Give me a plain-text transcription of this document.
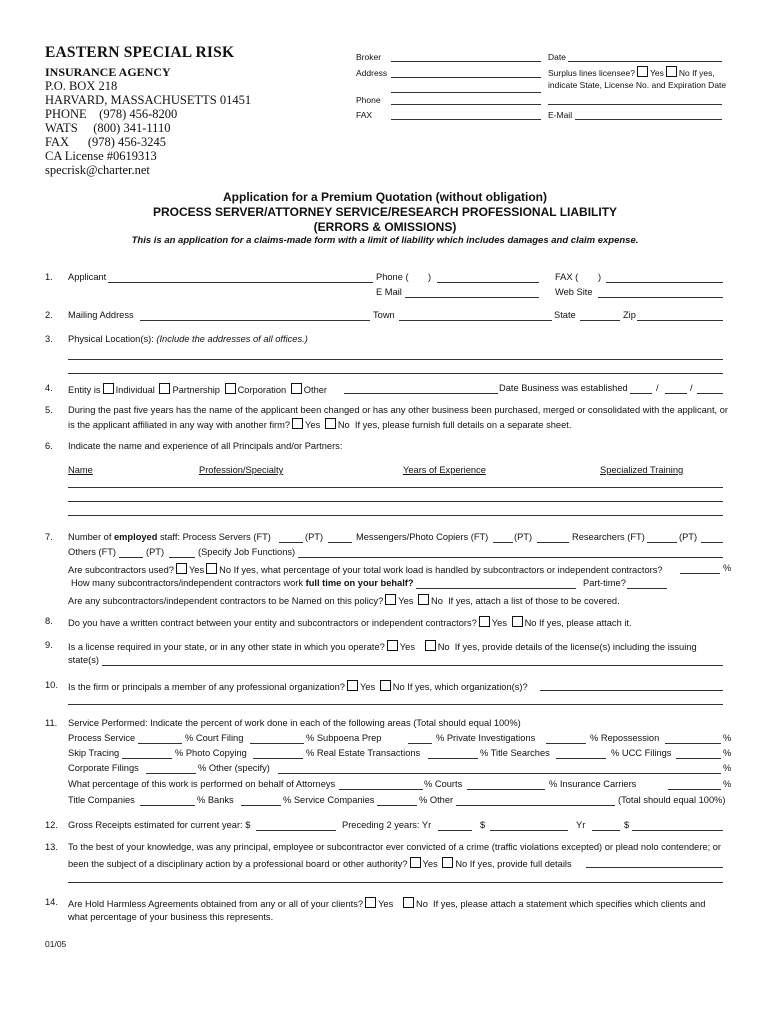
EASTERN SPECIAL RISK
INSURANCE AGENCY
P.O. BOX 218
HARVARD, MASSACHUSETTS 01451
PHONE    (978) 456-8200
WATS     (800) 341-1110
FAX      (978) 456-3245
CA License #0619313
specrisk@charter.net
Broker
Address
Phone
FAX
Date
Surplus lines licensee? Yes No If yes,
indicate State, License No. and Expiration Date
E-Mail
Application for a Premium Quotation (without obligation)
PROCESS SERVER/ATTORNEY SERVICE/RESEARCH PROFESSIONAL LIABILITY
(ERRORS & OMISSIONS)
This is an application for a claims-made form with a limit of liability which includes damages and claim expense.
1. Applicant	Phone ( )
E Mail
FAX ( )
Web Site
2. Mailing Address	Town	State	Zip
3. Physical Location(s): (Include the addresses of all offices.)
4. Entity is Individual Partnership Corporation Other	Date Business was established	/	/
5. During the past five years has the name of the applicant been changed or has any other business been purchased, merged or consolidated with the applicant, or
is the applicant affiliated in any way with another firm? Yes No If yes, please furnish full details on a separate sheet.
6. Indicate the name and experience of all Principals and/or Partners:
Name	Profession/Specialty	Years of Experience	Specialized Training
7. Number of employed staff: Process Servers (FT)	(PT)	Messengers/Photo Copiers (FT)	(PT)	Researchers (FT)	(PT)
Others (FT)	(PT)	(Specify Job Functions)
Are subcontractors used? Yes No If yes, what percentage of your total work load is handled by subcontractors or independent contractors?	%
How many subcontractors/independent contractors work full time on your behalf?	Part-time?
Are any subcontractors/independent contractors to be Named on this policy? Yes No If yes, attach a list of those to be covered.
8. Do you have a written contract between your entity and subcontractors or independent contractors? Yes No If yes, please attach it.
9. Is a license required in your state, or in any other state in which you operate? Yes No If yes, provide details of the license(s) including the issuing
state(s)
10. Is the firm or principals a member of any professional organization? Yes No If yes, which organization(s)?
11. Service Performed: Indicate the percent of work done in each of the following areas (Total should equal 100%)
Process Service	% Court Filing	% Subpoena Prep	% Private Investigations	% Repossession	%
Skip Tracing	% Photo Copying	% Real Estate Transactions	% Title Searches	% UCC Filings	%
Corporate Filings	% Other (specify)	%
What percentage of this work is performed on behalf of Attorneys	% Courts	% Insurance Carriers	%
Title Companies	% Banks	% Service Companies	% Other	(Total should equal 100%)
12. Gross Receipts estimated for current year: $	Preceding 2 years: Yr	$	Yr	$
13. To the best of your knowledge, was any principal, employee or subcontractor ever convicted of a crime (traffic violations excepted) or plead nolo contendere; or
been the subject of a disciplinary action by a professional board or other authority? Yes No If yes, provide full details
14. Are Hold Harmless Agreements obtained from any or all of your clients? Yes No If yes, please attach a statement which specifies which clients and
what percentage of your business this represents.
01/05
